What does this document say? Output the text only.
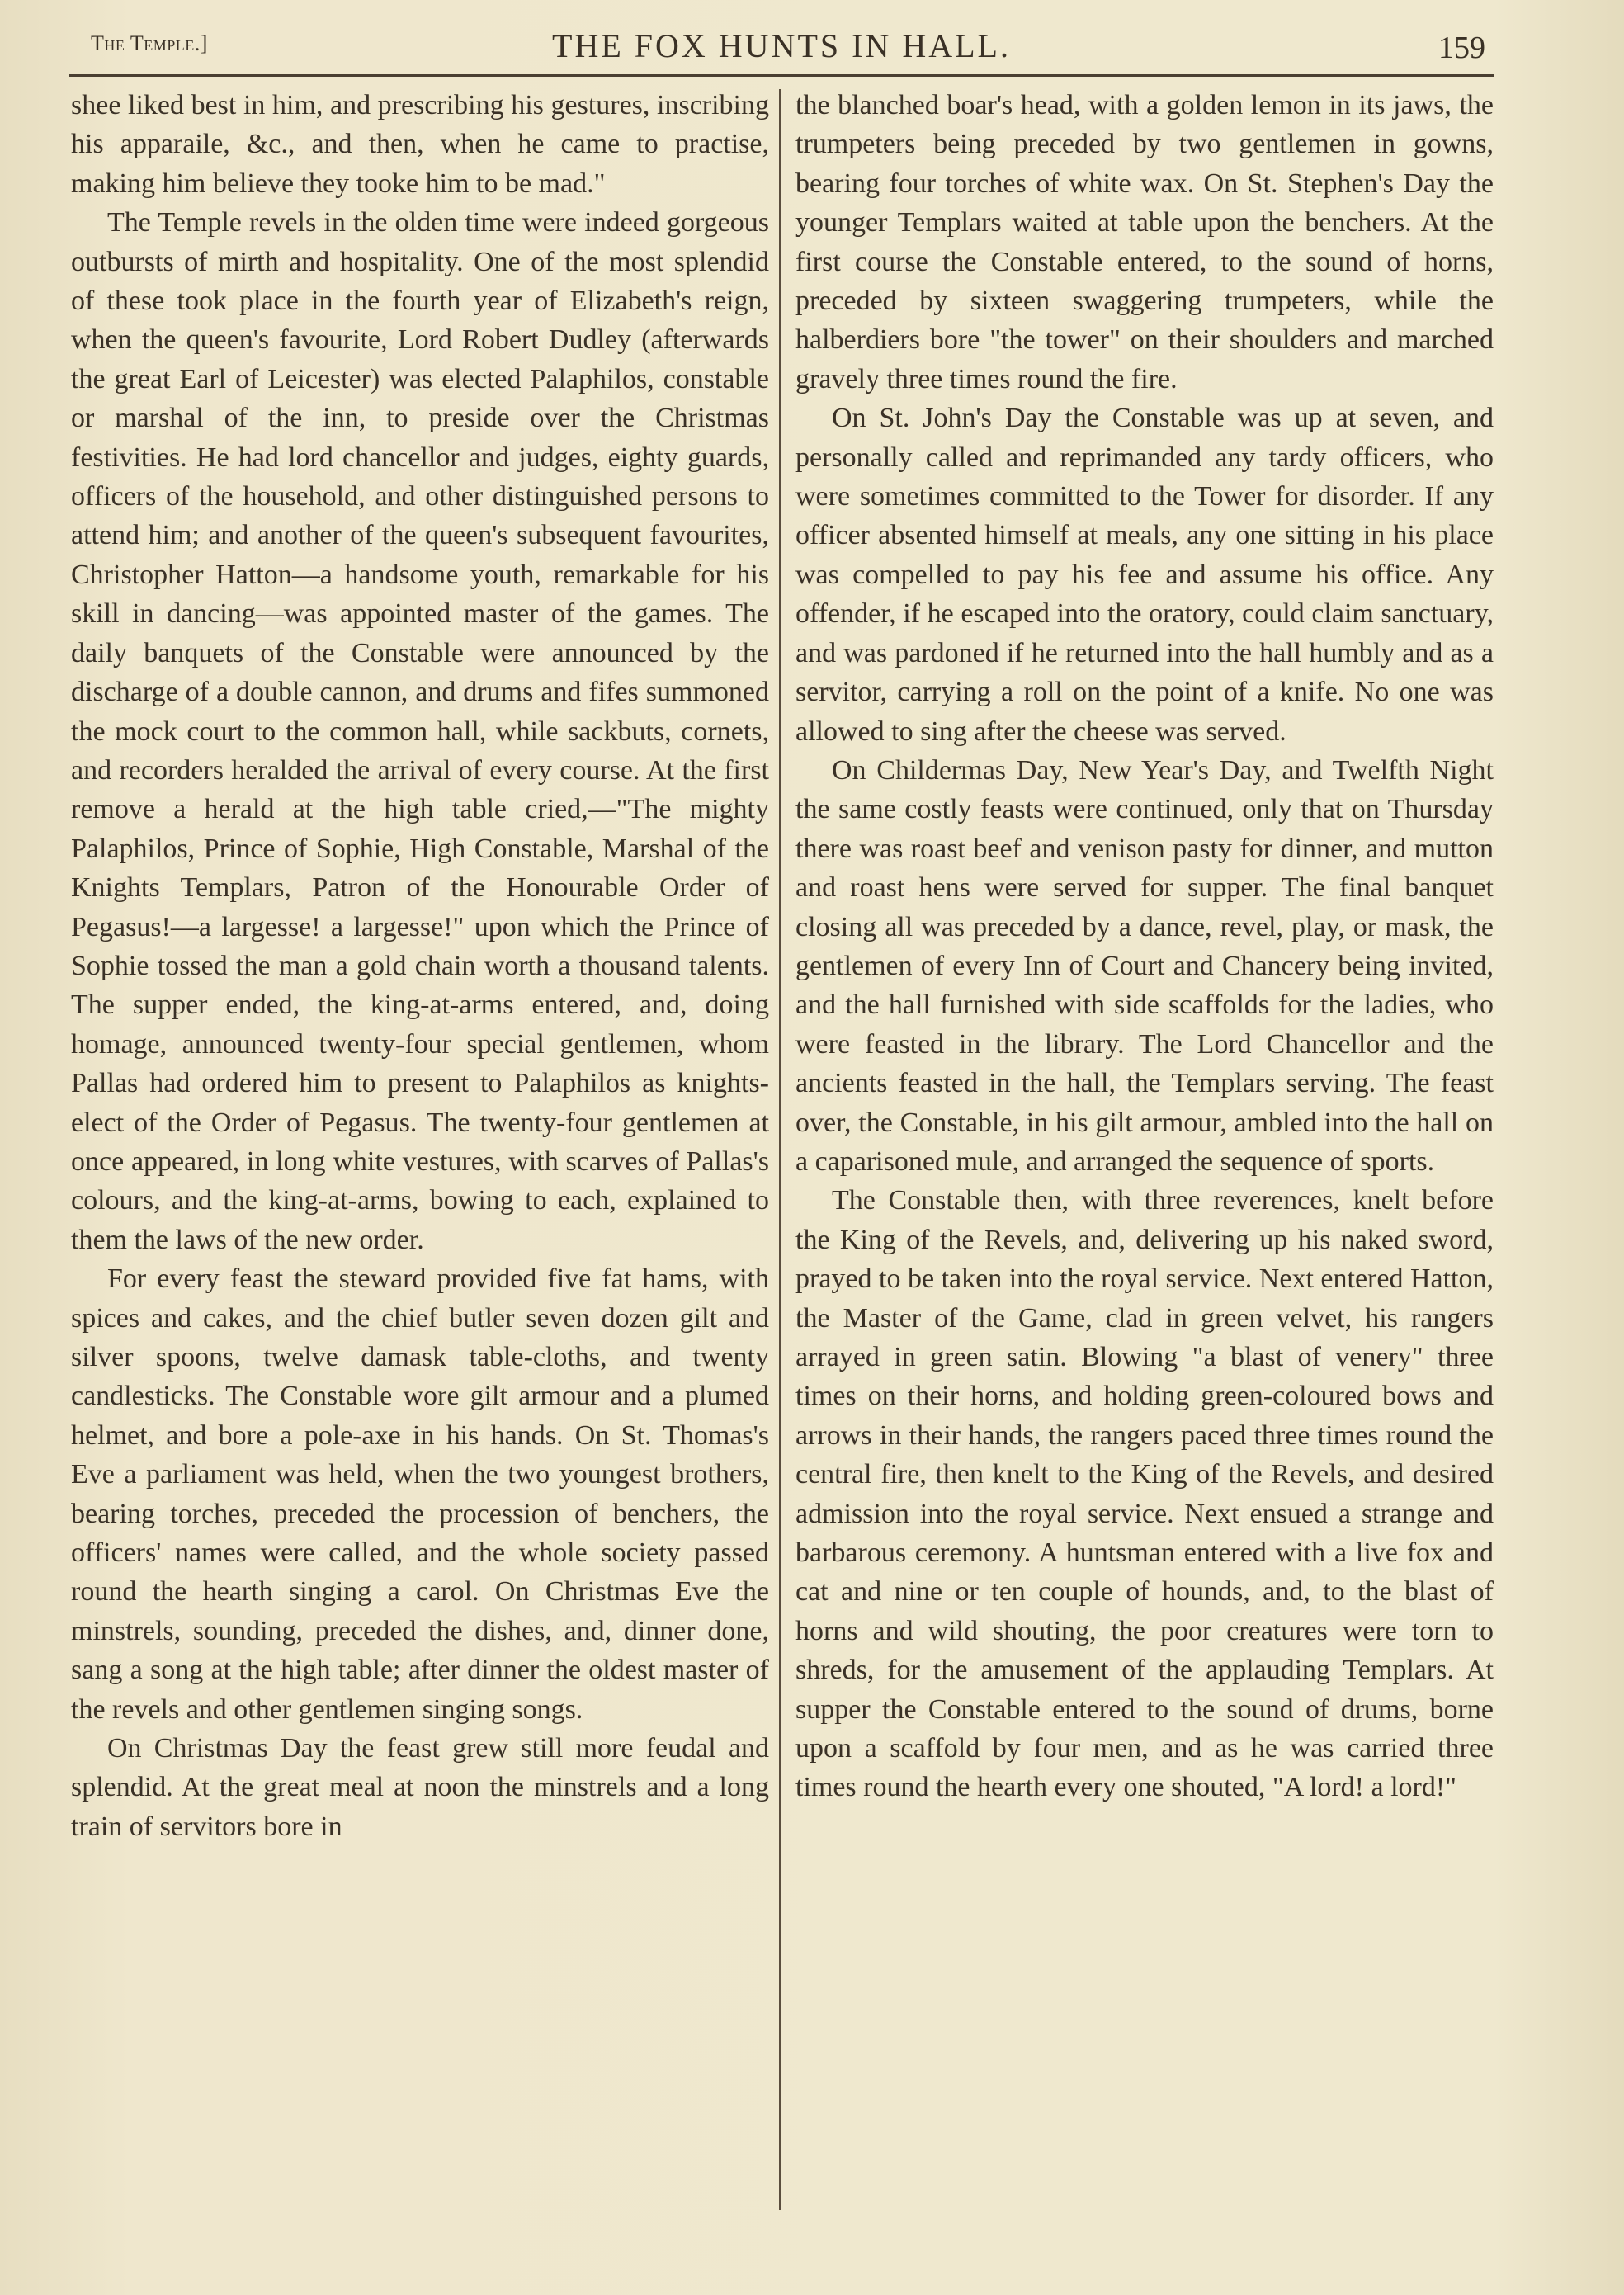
The Temple.]	THE FOX HUNTS IN HALL.	159

shee liked best in him, and prescribing his gestures, inscribing his apparaile, &c., and then, when he came to practise, making him believe they tooke him to be mad."

The Temple revels in the olden time were indeed gorgeous outbursts of mirth and hospitality. One of the most splendid of these took place in the fourth year of Elizabeth's reign, when the queen's favourite, Lord Robert Dudley (afterwards the great Earl of Leicester) was elected Palaphilos, constable or marshal of the inn, to preside over the Christmas festivities. He had lord chancellor and judges, eighty guards, officers of the household, and other distinguished persons to attend him; and another of the queen's subsequent favourites, Christopher Hatton—a handsome youth, remarkable for his skill in dancing—was appointed master of the games. The daily banquets of the Constable were announced by the discharge of a double cannon, and drums and fifes summoned the mock court to the common hall, while sackbuts, cornets, and recorders heralded the arrival of every course. At the first remove a herald at the high table cried,—"The mighty Palaphilos, Prince of Sophie, High Constable, Marshal of the Knights Templars, Patron of the Honourable Order of Pegasus!—a largesse! a largesse!" upon which the Prince of Sophie tossed the man a gold chain worth a thousand talents. The supper ended, the king-at-arms entered, and, doing homage, announced twenty-four special gentlemen, whom Pallas had ordered him to present to Palaphilos as knights-elect of the Order of Pegasus. The twenty-four gentlemen at once appeared, in long white vestures, with scarves of Pallas's colours, and the king-at-arms, bowing to each, explained to them the laws of the new order.

For every feast the steward provided five fat hams, with spices and cakes, and the chief butler seven dozen gilt and silver spoons, twelve damask table-cloths, and twenty candlesticks. The Constable wore gilt armour and a plumed helmet, and bore a pole-axe in his hands. On St. Thomas's Eve a parliament was held, when the two youngest brothers, bearing torches, preceded the procession of benchers, the officers' names were called, and the whole society passed round the hearth singing a carol. On Christmas Eve the minstrels, sounding, preceded the dishes, and, dinner done, sang a song at the high table; after dinner the oldest master of the revels and other gentlemen singing songs.

On Christmas Day the feast grew still more feudal and splendid. At the great meal at noon the minstrels and a long train of servitors bore in

the blanched boar's head, with a golden lemon in its jaws, the trumpeters being preceded by two gentlemen in gowns, bearing four torches of white wax. On St. Stephen's Day the younger Templars waited at table upon the benchers. At the first course the Constable entered, to the sound of horns, preceded by sixteen swaggering trumpeters, while the halberdiers bore "the tower" on their shoulders and marched gravely three times round the fire.

On St. John's Day the Constable was up at seven, and personally called and reprimanded any tardy officers, who were sometimes committed to the Tower for disorder. If any officer absented himself at meals, any one sitting in his place was compelled to pay his fee and assume his office. Any offender, if he escaped into the oratory, could claim sanctuary, and was pardoned if he returned into the hall humbly and as a servitor, carrying a roll on the point of a knife. No one was allowed to sing after the cheese was served.

On Childermas Day, New Year's Day, and Twelfth Night the same costly feasts were continued, only that on Thursday there was roast beef and venison pasty for dinner, and mutton and roast hens were served for supper. The final banquet closing all was preceded by a dance, revel, play, or mask, the gentlemen of every Inn of Court and Chancery being invited, and the hall furnished with side scaffolds for the ladies, who were feasted in the library. The Lord Chancellor and the ancients feasted in the hall, the Templars serving. The feast over, the Constable, in his gilt armour, ambled into the hall on a caparisoned mule, and arranged the sequence of sports.

The Constable then, with three reverences, knelt before the King of the Revels, and, delivering up his naked sword, prayed to be taken into the royal service. Next entered Hatton, the Master of the Game, clad in green velvet, his rangers arrayed in green satin. Blowing "a blast of venery" three times on their horns, and holding green-coloured bows and arrows in their hands, the rangers paced three times round the central fire, then knelt to the King of the Revels, and desired admission into the royal service. Next ensued a strange and barbarous ceremony. A huntsman entered with a live fox and cat and nine or ten couple of hounds, and, to the blast of horns and wild shouting, the poor creatures were torn to shreds, for the amusement of the applauding Templars. At supper the Constable entered to the sound of drums, borne upon a scaffold by four men, and as he was carried three times round the hearth every one shouted, "A lord! a lord!"
